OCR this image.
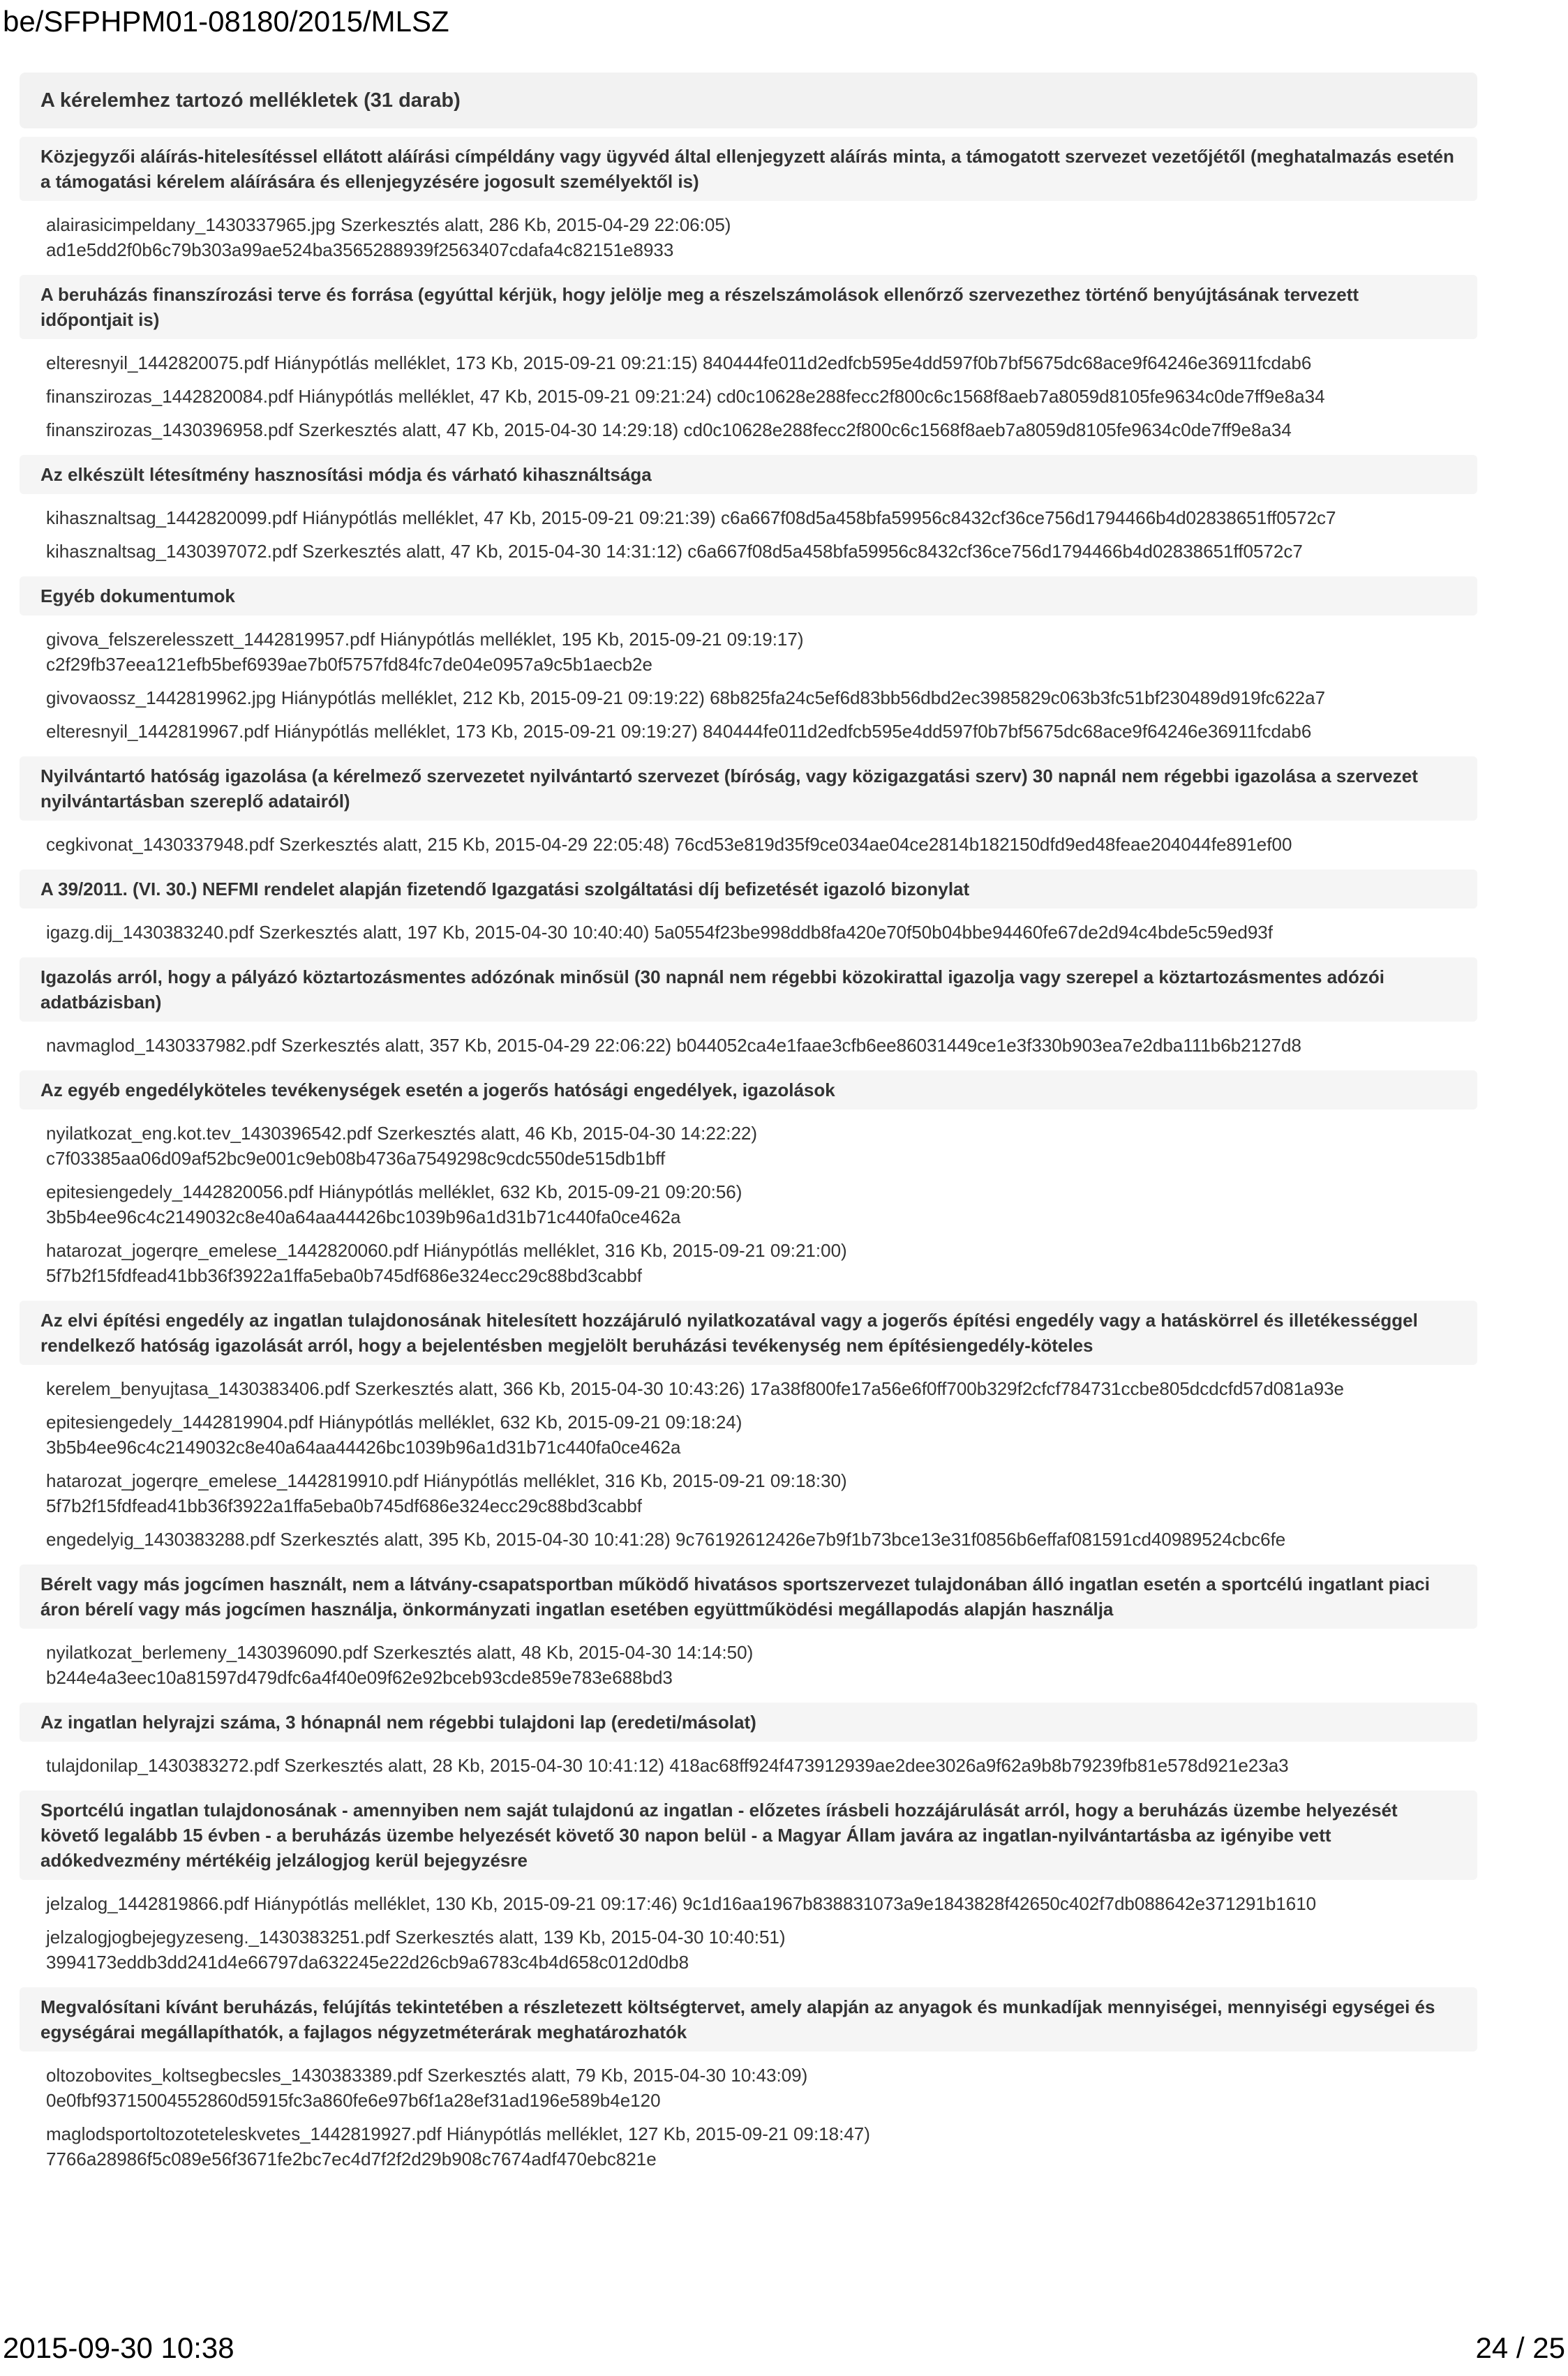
be/SFPHPM01-08180/2015/MLSZ
A kérelemhez tartozó mellékletek (31 darab)
Közjegyzői aláírás-hitelesítéssel ellátott aláírási címpéldány vagy ügyvéd által ellenjegyzett aláírás minta, a támogatott szervezet vezetőjétől (meghatalmazás esetén a támogatási kérelem aláírására és ellenjegyzésére jogosult személyektől is)
alairasicimpeldany_1430337965.jpg Szerkesztés alatt, 286 Kb, 2015-04-29 22:06:05)
ad1e5dd2f0b6c79b303a99ae524ba3565288939f2563407cdafa4c82151e8933
A beruházás finanszírozási terve és forrása (egyúttal kérjük, hogy jelölje meg a részelszámolások ellenőrző szervezethez történő benyújtásának tervezett időpontjait is)
elteresnyil_1442820075.pdf Hiánypótlás melléklet, 173 Kb, 2015-09-21 09:21:15) 840444fe011d2edfcb595e4dd597f0b7bf5675dc68ace9f64246e36911fcdab6
finanszirozas_1442820084.pdf Hiánypótlás melléklet, 47 Kb, 2015-09-21 09:21:24) cd0c10628e288fecc2f800c6c1568f8aeb7a8059d8105fe9634c0de7ff9e8a34
finanszirozas_1430396958.pdf Szerkesztés alatt, 47 Kb, 2015-04-30 14:29:18) cd0c10628e288fecc2f800c6c1568f8aeb7a8059d8105fe9634c0de7ff9e8a34
Az elkészült létesítmény hasznosítási módja és várható kihasználtsága
kihasznaltsag_1442820099.pdf Hiánypótlás melléklet, 47 Kb, 2015-09-21 09:21:39) c6a667f08d5a458bfa59956c8432cf36ce756d1794466b4d02838651ff0572c7
kihasznaltsag_1430397072.pdf Szerkesztés alatt, 47 Kb, 2015-04-30 14:31:12) c6a667f08d5a458bfa59956c8432cf36ce756d1794466b4d02838651ff0572c7
Egyéb dokumentumok
givova_felszerelesszett_1442819957.pdf Hiánypótlás melléklet, 195 Kb, 2015-09-21 09:19:17)
c2f29fb37eea121efb5bef6939ae7b0f5757fd84fc7de04e0957a9c5b1aecb2e
givovaossz_1442819962.jpg Hiánypótlás melléklet, 212 Kb, 2015-09-21 09:19:22) 68b825fa24c5ef6d83bb56dbd2ec3985829c063b3fc51bf230489d919fc622a7
elteresnyil_1442819967.pdf Hiánypótlás melléklet, 173 Kb, 2015-09-21 09:19:27) 840444fe011d2edfcb595e4dd597f0b7bf5675dc68ace9f64246e36911fcdab6
Nyilvántartó hatóság igazolása (a kérelmező szervezetet nyilvántartó szervezet (bíróság, vagy közigazgatási szerv) 30 napnál nem régebbi igazolása a szervezet nyilvántartásban szereplő adatairól)
cegkivonat_1430337948.pdf Szerkesztés alatt, 215 Kb, 2015-04-29 22:05:48) 76cd53e819d35f9ce034ae04ce2814b182150dfd9ed48feae204044fe891ef00
A 39/2011. (VI. 30.) NEFMI rendelet alapján fizetendő Igazgatási szolgáltatási díj befizetését igazoló bizonylat
igazg.dij_1430383240.pdf Szerkesztés alatt, 197 Kb, 2015-04-30 10:40:40) 5a0554f23be998ddb8fa420e70f50b04bbe94460fe67de2d94c4bde5c59ed93f
Igazolás arról, hogy a pályázó köztartozásmentes adózónak minősül (30 napnál nem régebbi közokirattal igazolja vagy szerepel a köztartozásmentes adózói adatbázisban)
navmaglod_1430337982.pdf Szerkesztés alatt, 357 Kb, 2015-04-29 22:06:22) b044052ca4e1faae3cfb6ee86031449ce1e3f330b903ea7e2dba111b6b2127d8
Az egyéb engedélyköteles tevékenységek esetén a jogerős hatósági engedélyek, igazolások
nyilatkozat_eng.kot.tev_1430396542.pdf Szerkesztés alatt, 46 Kb, 2015-04-30 14:22:22)
c7f03385aa06d09af52bc9e001c9eb08b4736a7549298c9cdc550de515db1bff
epitesiengedely_1442820056.pdf Hiánypótlás melléklet, 632 Kb, 2015-09-21 09:20:56)
3b5b4ee96c4c2149032c8e40a64aa44426bc1039b96a1d31b71c440fa0ce462a
hatarozat_jogerqre_emelese_1442820060.pdf Hiánypótlás melléklet, 316 Kb, 2015-09-21 09:21:00)
5f7b2f15fdfead41bb36f3922a1ffa5eba0b745df686e324ecc29c88bd3cabbf
Az elvi építési engedély az ingatlan tulajdonosának hitelesített hozzájáruló nyilatkozatával vagy a jogerős építési engedély vagy a hatáskörrel és illetékességgel rendelkező hatóság igazolását arról, hogy a bejelentésben megjelölt beruházási tevékenység nem építésiengedély-köteles
kerelem_benyujtasa_1430383406.pdf Szerkesztés alatt, 366 Kb, 2015-04-30 10:43:26) 17a38f800fe17a56e6f0ff700b329f2cfcf784731ccbe805dcdcfd57d081a93e
epitesiengedely_1442819904.pdf Hiánypótlás melléklet, 632 Kb, 2015-09-21 09:18:24)
3b5b4ee96c4c2149032c8e40a64aa44426bc1039b96a1d31b71c440fa0ce462a
hatarozat_jogerqre_emelese_1442819910.pdf Hiánypótlás melléklet, 316 Kb, 2015-09-21 09:18:30)
5f7b2f15fdfead41bb36f3922a1ffa5eba0b745df686e324ecc29c88bd3cabbf
engedelyig_1430383288.pdf Szerkesztés alatt, 395 Kb, 2015-04-30 10:41:28) 9c76192612426e7b9f1b73bce13e31f0856b6effaf081591cd40989524cbc6fe
Bérelt vagy más jogcímen használt, nem a látvány-csapatsportban működő hivatásos sportszervezet tulajdonában álló ingatlan esetén a sportcélú ingatlant piaci áron bérelí vagy más jogcímen használja, önkormányzati ingatlan esetében együttműködési megállapodás alapján használja
nyilatkozat_berlemeny_1430396090.pdf Szerkesztés alatt, 48 Kb, 2015-04-30 14:14:50)
b244e4a3eec10a81597d479dfc6a4f40e09f62e92bceb93cde859e783e688bd3
Az ingatlan helyrajzi száma, 3 hónapnál nem régebbi tulajdoni lap (eredeti/másolat)
tulajdonilap_1430383272.pdf Szerkesztés alatt, 28 Kb, 2015-04-30 10:41:12) 418ac68ff924f473912939ae2dee3026a9f62a9b8b79239fb81e578d921e23a3
Sportcélú ingatlan tulajdonosának - amennyiben nem saját tulajdonú az ingatlan - előzetes írásbeli hozzájárulását arról, hogy a beruházás üzembe helyezését követő legalább 15 évben - a beruházás üzembe helyezését követő 30 napon belül - a Magyar Állam javára az ingatlan-nyilvántartásba az igényibe vett adókedvezmény mértékéig jelzálogjog kerül bejegyzésre
jelzalog_1442819866.pdf Hiánypótlás melléklet, 130 Kb, 2015-09-21 09:17:46) 9c1d16aa1967b838831073a9e1843828f42650c402f7db088642e371291b1610
jelzalogjogbejegyzeseng._1430383251.pdf Szerkesztés alatt, 139 Kb, 2015-04-30 10:40:51)
3994173eddb3dd241d4e66797da632245e22d26cb9a6783c4b4d658c012d0db8
Megvalósítani kívánt beruházás, felújítás tekintetében a részletezett költségtervet, amely alapján az anyagok és munkadíjak mennyiségei, mennyiségi egységei és egységárai megállapíthatók, a fajlagos négyzetméterárak meghatározhatók
oltozobovites_koltsegbecsles_1430383389.pdf Szerkesztés alatt, 79 Kb, 2015-04-30 10:43:09)
0e0fbf93715004552860d5915fc3a860fe6e97b6f1a28ef31ad196e589b4e120
maglodsportoltozoteteleskvetes_1442819927.pdf Hiánypótlás melléklet, 127 Kb, 2015-09-21 09:18:47)
7766a28986f5c089e56f3671fe2bc7ec4d7f2f2d29b908c7674adf470ebc821e
2015-09-30 10:38	24 / 25
